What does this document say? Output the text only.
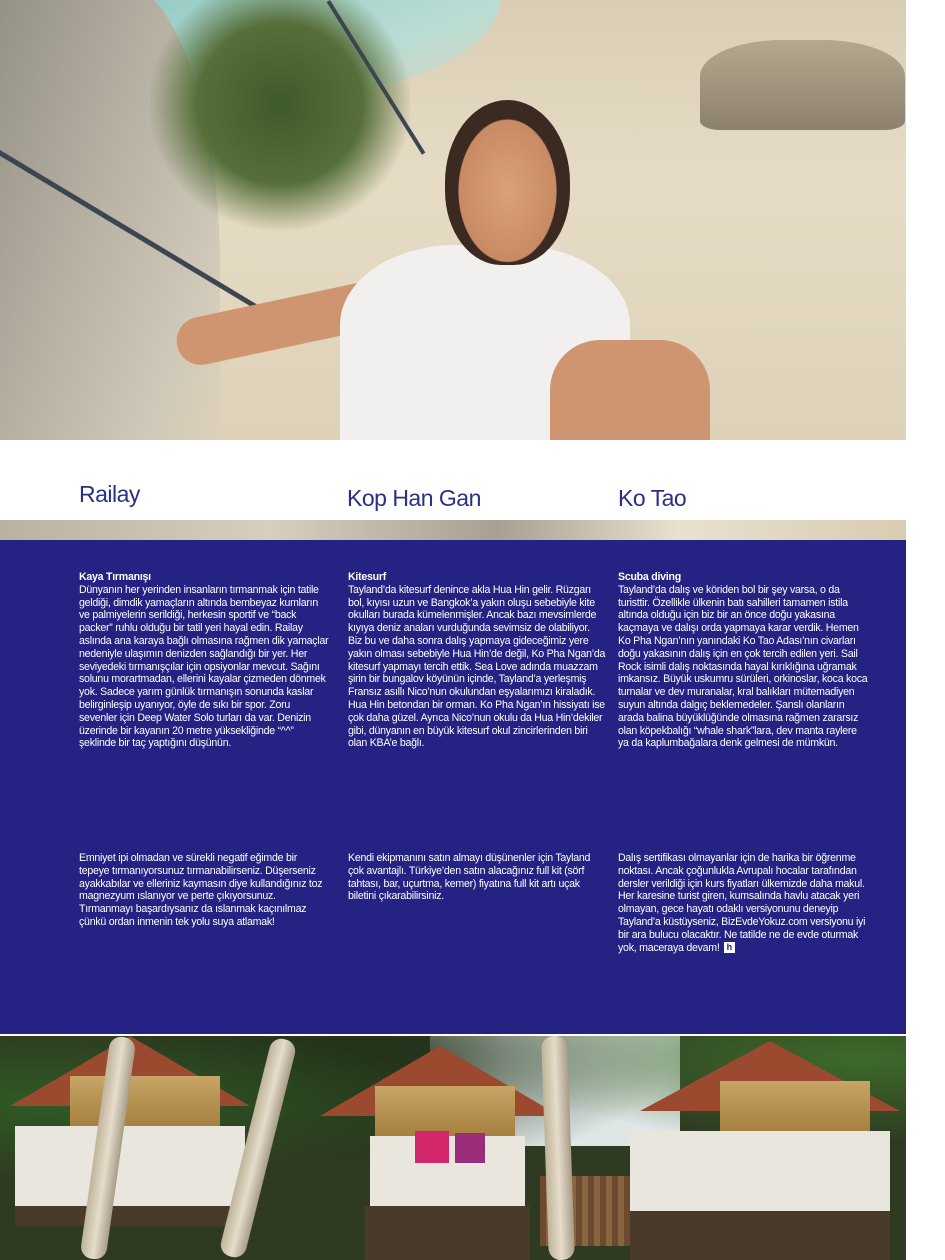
Railay	Kop Han Gan	Ko Tao
Kaya Tırmanışı

Dünyanın her yerinden insanların tırmanmak için tatile geldiği, dimdik yamaçların altında bembeyaz kumların ve palmiyelerin serildiği, herkesin sportif ve “back packer” ruhlu olduğu bir tatil yeri hayal edin. Railay aslında ana karaya bağlı olmasına rağmen dik yamaçlar nedeniyle ulaşımın denizden sağlandığı bir yer. Her seviyedeki tırmanışçılar için opsiyonlar mevcut. Sağını solunu morartmadan, ellerini kayalar çizmeden dönmek yok. Sadece yarım günlük tırmanışın sonunda kaslar belirginleşip uyanıyor, öyle de sıkı bir spor. Zoru sevenler için Deep Water Solo turları da var. Denizin üzerinde bir kayanın 20 metre yüksekliğinde “^^” şeklinde bir taç yaptığını düşünün.

Emniyet ipi olmadan ve sürekli negatif eğimde bir tepeye tırmanıyorsunuz tırmanabilirseniz. Düşerseniz ayakkabılar ve elleriniz kaymasın diye kullandığınız toz magnezyum ıslanıyor ve perte çıkıyorsunuz. Tırmanmayı başardıysanız da ıslanmak kaçınılmaz çünkü ordan inmenin tek yolu suya atlamak!

Kitesurf

Tayland’da kitesurf denince akla Hua Hin gelir. Rüzgarı bol, kıyısı uzun ve Bangkok’a yakın oluşu sebebiyle kite okulları burada kümelenmişler. Ancak bazı mevsimlerde kıyıya deniz anaları vurduğunda sevimsiz de olabiliyor. Biz bu ve daha sonra dalış yapmaya gideceğimiz yere yakın olması sebebiyle Hua Hin’de değil, Ko Pha Ngan’da kitesurf yapmayı tercih ettik. Sea Love adında muazzam şirin bir bungalov köyünün içinde, Tayland’a yerleşmiş Fransız asıllı Nico’nun okulundan eşyalarımızı kiraladık. Hua Hin betondan bir orman. Ko Pha Ngan’ın hissiyatı ise çok daha güzel. Ayrıca Nico’nun okulu da Hua Hin’dekiler gibi, dünyanın en büyük kitesurf okul zincirlerinden biri olan KBA’e bağlı.

Kendi ekipmanını satın almayı düşünenler için Tayland çok avantajlı. Türkiye’den satın alacağınız full kit (sörf tahtası, bar, uçurtma, kemer) fiyatına full kit artı uçak biletini çıkarabilirsiniz.

Scuba diving

Tayland’da dalış ve köriden bol bir şey varsa, o da turisttir. Özellikle ülkenin batı sahilleri tamamen istila altında olduğu için biz bir an önce doğu yakasına kaçmaya ve dalışı orda yapmaya karar verdik. Hemen Ko Pha Ngan’nın yanındaki Ko Tao Adası’nın civarları doğu yakasının dalış için en çok tercih edilen yeri. Sail Rock isimli dalış noktasında hayal kırıklığına uğramak imkansız. Büyük uskumru sürüleri, orkinoslar, koca koca turnalar ve dev muranalar, kral balıkları mütemadiyen suyun altında dalgıç beklemedeler. Şanslı olanların arada balina büyüklüğünde olmasına rağmen zararsız olan köpekbalığı “whale shark”lara, dev manta raylere ya da kaplumbağalara denk gelmesi de mümkün.

Dalış sertifikası olmayanlar için de harika bir öğrenme noktası. Ancak çoğunlukla Avrupalı hocalar tarafından dersler verildiği için kurs fiyatları ülkemizde daha makul. Her karesine turist giren, kumsalında havlu atacak yeri olmayan, gece hayatı odaklı versiyonunu deneyip Tayland’a küstüyseniz, BizEvdeYokuz.com versiyonu iyi bir ara bulucu olacaktır. Ne tatilde ne de evde oturmak yok, maceraya devam! h
